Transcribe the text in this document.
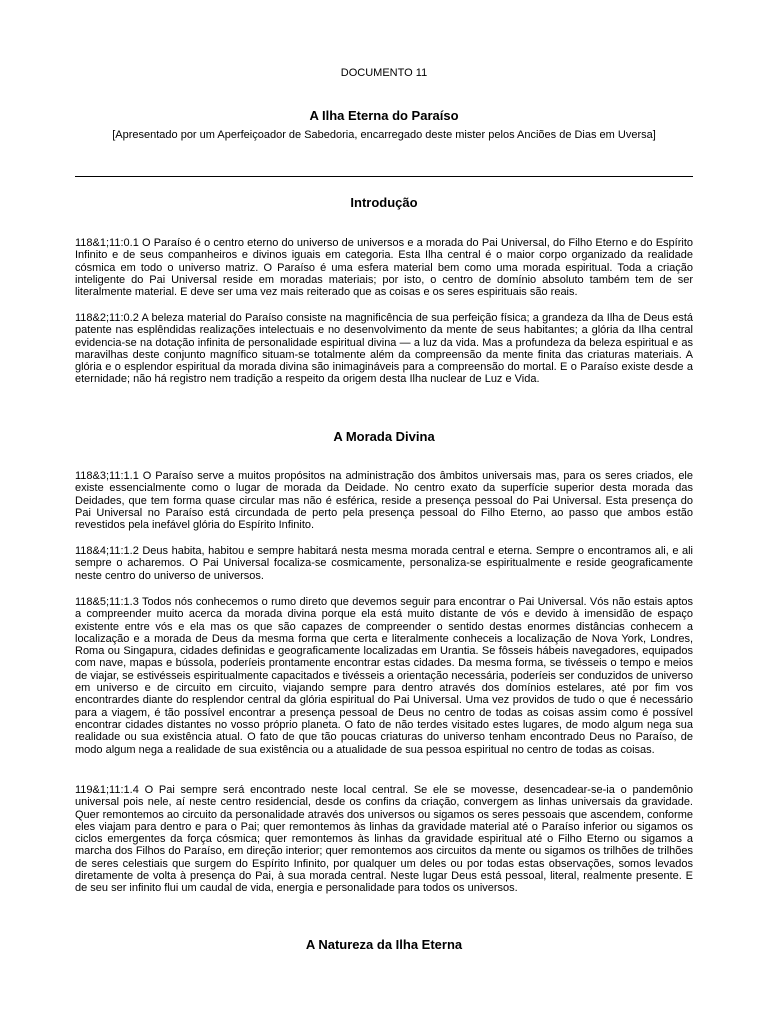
DOCUMENTO 11
A Ilha Eterna do Paraíso
[Apresentado por um Aperfeiçoador de Sabedoria, encarregado deste mister pelos Anciões de Dias em Uversa]
Introdução
118&1;11:0.1 O Paraíso é o centro eterno do universo de universos e a morada do Pai Universal, do Filho Eterno e do Espírito Infinito e de seus companheiros e divinos iguais em categoria. Esta Ilha central é o maior corpo organizado da realidade cósmica em todo o universo matriz. O Paraíso é uma esfera material bem como uma morada espiritual. Toda a criação inteligente do Pai Universal reside em moradas materiais; por isto, o centro de domínio absoluto também tem de ser literalmente material. E deve ser uma vez mais reiterado que as coisas e os seres espirituais são reais.
118&2;11:0.2 A beleza material do Paraíso consiste na magnificência de sua perfeição física; a grandeza da Ilha de Deus está patente nas esplêndidas realizações intelectuais e no desenvolvimento da mente de seus habitantes; a glória da Ilha central evidencia-se na dotação infinita de personalidade espiritual divina — a luz da vida. Mas a profundeza da beleza espiritual e as maravilhas deste conjunto magnífico situam-se totalmente além da compreensão da mente finita das criaturas materiais. A glória e o esplendor espiritual da morada divina são inimagináveis para a compreensão do mortal. E o Paraíso existe desde a eternidade; não há registro nem tradição a respeito da origem desta Ilha nuclear de Luz e Vida.
A Morada Divina
118&3;11:1.1 O Paraíso serve a muitos propósitos na administração dos âmbitos universais mas, para os seres criados, ele existe essencialmente como o lugar de morada da Deidade. No centro exato da superfície superior desta morada das Deidades, que tem forma quase circular mas não é esférica, reside a presença pessoal do Pai Universal. Esta presença do Pai Universal no Paraíso está circundada de perto pela presença pessoal do Filho Eterno, ao passo que ambos estão revestidos pela inefável glória do Espírito Infinito.
118&4;11:1.2 Deus habita, habitou e sempre habitará nesta mesma morada central e eterna. Sempre o encontramos ali, e ali sempre o acharemos. O Pai Universal focaliza-se cosmicamente, personaliza-se espiritualmente e reside geograficamente neste centro do universo de universos.
118&5;11:1.3 Todos nós conhecemos o rumo direto que devemos seguir para encontrar o Pai Universal. Vós não estais aptos a compreender muito acerca da morada divina porque ela está muito distante de vós e devido à imensidão de espaço existente entre vós e ela mas os que são capazes de compreender o sentido destas enormes distâncias conhecem a localização e a morada de Deus da mesma forma que certa e literalmente conheceis a localização de Nova York, Londres, Roma ou Singapura, cidades definidas e geograficamente localizadas em Urantia. Se fôsseis hábeis navegadores, equipados com nave, mapas e bússola, poderíeis prontamente encontrar estas cidades. Da mesma forma, se tivésseis o tempo e meios de viajar, se estivésseis espiritualmente capacitados e tivésseis a orientação necessária, poderíeis ser conduzidos de universo em universo e de circuito em circuito, viajando sempre para dentro através dos domínios estelares, até por fim vos encontrardes diante do resplendor central da glória espiritual do Pai Universal. Uma vez providos de tudo o que é necessário para a viagem, é tão possível encontrar a presença pessoal de Deus no centro de todas as coisas assim como é possível encontrar cidades distantes no vosso próprio planeta. O fato de não terdes visitado estes lugares, de modo algum nega sua realidade ou sua existência atual. O fato de que tão poucas criaturas do universo tenham encontrado Deus no Paraíso, de modo algum nega a realidade de sua existência ou a atualidade de sua pessoa espiritual no centro de todas as coisas.
119&1;11:1.4 O Pai sempre será encontrado neste local central. Se ele se movesse, desencadear-se-ia o pandemônio universal pois nele, aí neste centro residencial, desde os confins da criação, convergem as linhas universais da gravidade. Quer remontemos ao circuito da personalidade através dos universos ou sigamos os seres pessoais que ascendem, conforme eles viajam para dentro e para o Pai; quer remontemos às linhas da gravidade material até o Paraíso inferior ou sigamos os ciclos emergentes da força cósmica; quer remontemos às linhas da gravidade espiritual até o Filho Eterno ou sigamos a marcha dos Filhos do Paraíso, em direção interior; quer remontemos aos circuitos da mente ou sigamos os trilhões de trilhões de seres celestiais que surgem do Espírito Infinito, por qualquer um deles ou por todas estas observações, somos levados diretamente de volta à presença do Pai, à sua morada central. Neste lugar Deus está pessoal, literal, realmente presente. E de seu ser infinito flui um caudal de vida, energia e personalidade para todos os universos.
A Natureza da Ilha Eterna
